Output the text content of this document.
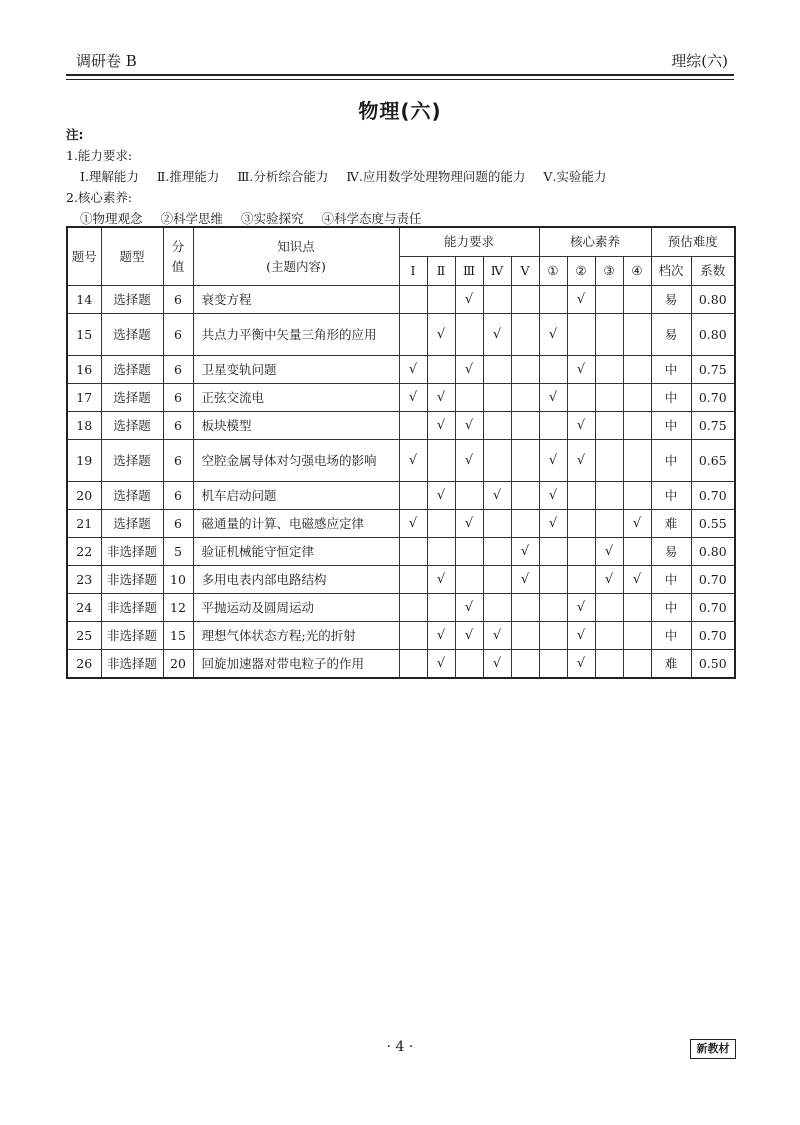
调研卷 B	理综(六)
物理(六)
注:
1.能力要求:
Ⅰ.理解能力 Ⅱ.推理能力 Ⅲ.分析综合能力 Ⅳ.应用数学处理物理问题的能力 Ⅴ.实验能力
2.核心素养:
①物理观念 ②科学思维 ③实验探究 ④科学态度与责任
题号	题型	分值	知识点
(主题内容)	能力要求					核心素养				预估难度	
				Ⅰ	Ⅱ	Ⅲ	Ⅳ	Ⅴ	①	②	③	④	档次	系数
14	选择题	6	衰变方程			√				√			易	0.80
15	选择题	6	共点力平衡中矢量三角形的应用		√		√		√				易	0.80
16	选择题	6	卫星变轨问题	√		√				√			中	0.75
17	选择题	6	正弦交流电	√	√				√				中	0.70
18	选择题	6	板块模型		√	√				√			中	0.75
19	选择题	6	空腔金属导体对匀强电场的影响	√		√			√	√			中	0.65
20	选择题	6	机车启动问题		√		√		√				中	0.70
21	选择题	6	磁通量的计算、电磁感应定律	√		√			√			√	难	0.55
22	非选择题	5	验证机械能守恒定律					√			√		易	0.80
23	非选择题	10	多用电表内部电路结构		√			√			√	√	中	0.70
24	非选择题	12	平抛运动及圆周运动			√				√			中	0.70
25	非选择题	15	理想气体状态方程;光的折射		√	√	√			√			中	0.70
26	非选择题	20	回旋加速器对带电粒子的作用		√		√			√			难	0.50
· 4 ·	新教材
